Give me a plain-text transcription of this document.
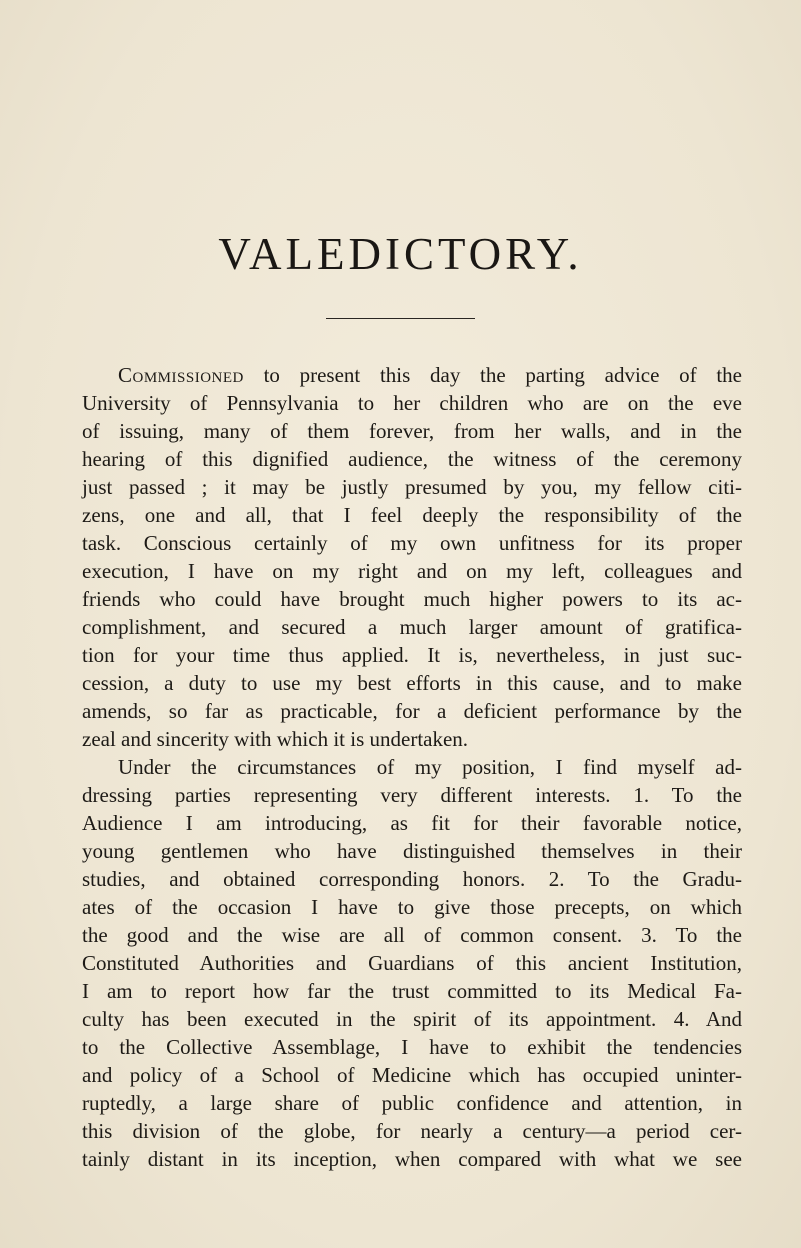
VALEDICTORY.
Commissioned to present this day the parting advice of the
University of Pennsylvania to her children who are on the eve
of issuing, many of them forever, from her walls, and in the
hearing of this dignified audience, the witness of the ceremony
just passed ; it may be justly presumed by you, my fellow citi-
zens, one and all, that I feel deeply the responsibility of the
task. Conscious certainly of my own unfitness for its proper
execution, I have on my right and on my left, colleagues and
friends who could have brought much higher powers to its ac-
complishment, and secured a much larger amount of gratifica-
tion for your time thus applied. It is, nevertheless, in just suc-
cession, a duty to use my best efforts in this cause, and to make
amends, so far as practicable, for a deficient performance by the
zeal and sincerity with which it is undertaken.
Under the circumstances of my position, I find myself ad-
dressing parties representing very different interests. 1. To the
Audience I am introducing, as fit for their favorable notice,
young gentlemen who have distinguished themselves in their
studies, and obtained corresponding honors. 2. To the Gradu-
ates of the occasion I have to give those precepts, on which
the good and the wise are all of common consent. 3. To the
Constituted Authorities and Guardians of this ancient Institution,
I am to report how far the trust committed to its Medical Fa-
culty has been executed in the spirit of its appointment. 4. And
to the Collective Assemblage, I have to exhibit the tendencies
and policy of a School of Medicine which has occupied uninter-
ruptedly, a large share of public confidence and attention, in
this division of the globe, for nearly a century—a period cer-
tainly distant in its inception, when compared with what we see
